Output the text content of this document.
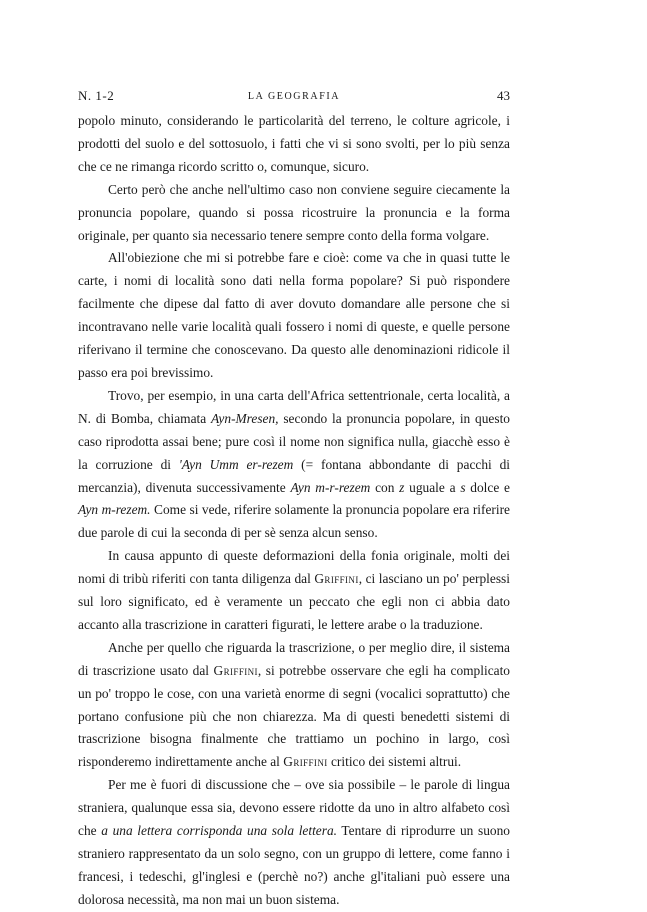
N. 1-2	LA GEOGRAFIA	43

popolo minuto, considerando le particolarità del terreno, le colture agricole, i prodotti del suolo e del sottosuolo, i fatti che vi si sono svolti, per lo più senza che ce ne rimanga ricordo scritto o, comunque, sicuro.

Certo però che anche nell'ultimo caso non conviene seguire ciecamente la pronuncia popolare, quando si possa ricostruire la pronuncia e la forma originale, per quanto sia necessario tenere sempre conto della forma volgare.

All'obiezione che mi si potrebbe fare e cioè: come va che in quasi tutte le carte, i nomi di località sono dati nella forma popolare? Si può rispondere facilmente che dipese dal fatto di aver dovuto domandare alle persone che si incontravano nelle varie località quali fossero i nomi di queste, e quelle persone riferivano il termine che conoscevano. Da questo alle denominazioni ridicole il passo era poi brevissimo.

Trovo, per esempio, in una carta dell'Africa settentrionale, certa località, a N. di Bomba, chiamata Ayn-Mresen, secondo la pronuncia popolare, in questo caso riprodotta assai bene; pure così il nome non significa nulla, giacchè esso è la corruzione di 'Ayn Umm er-rezem (= fontana abbondante di pacchi di mercanzia), divenuta successivamente Ayn m-r-rezem con z uguale a s dolce e Ayn m-rezem. Come si vede, riferire solamente la pronuncia popolare era riferire due parole di cui la seconda di per sè senza alcun senso.

In causa appunto di queste deformazioni della fonia originale, molti dei nomi di tribù riferiti con tanta diligenza dal Griffini, ci lasciano un po' perplessi sul loro significato, ed è veramente un peccato che egli non ci abbia dato accanto alla trascrizione in caratteri figurati, le lettere arabe o la traduzione.

Anche per quello che riguarda la trascrizione, o per meglio dire, il sistema di trascrizione usato dal Griffini, si potrebbe osservare che egli ha complicato un po' troppo le cose, con una varietà enorme di segni (vocalici soprattutto) che portano confusione più che non chiarezza. Ma di questi benedetti sistemi di trascrizione bisogna finalmente che trattiamo un pochino in largo, così risponderemo indirettamente anche al Griffini critico dei sistemi altrui.

Per me è fuori di discussione che – ove sia possibile – le parole di lingua straniera, qualunque essa sia, devono essere ridotte da uno in altro alfabeto così che a una lettera corrisponda una sola lettera. Tentare di riprodurre un suono straniero rappresentato da un solo segno, con un gruppo di lettere, come fanno i francesi, i tedeschi, gl'inglesi e (perchè no?) anche gl'italiani può essere una dolorosa necessità, ma non mai un buon sistema.
